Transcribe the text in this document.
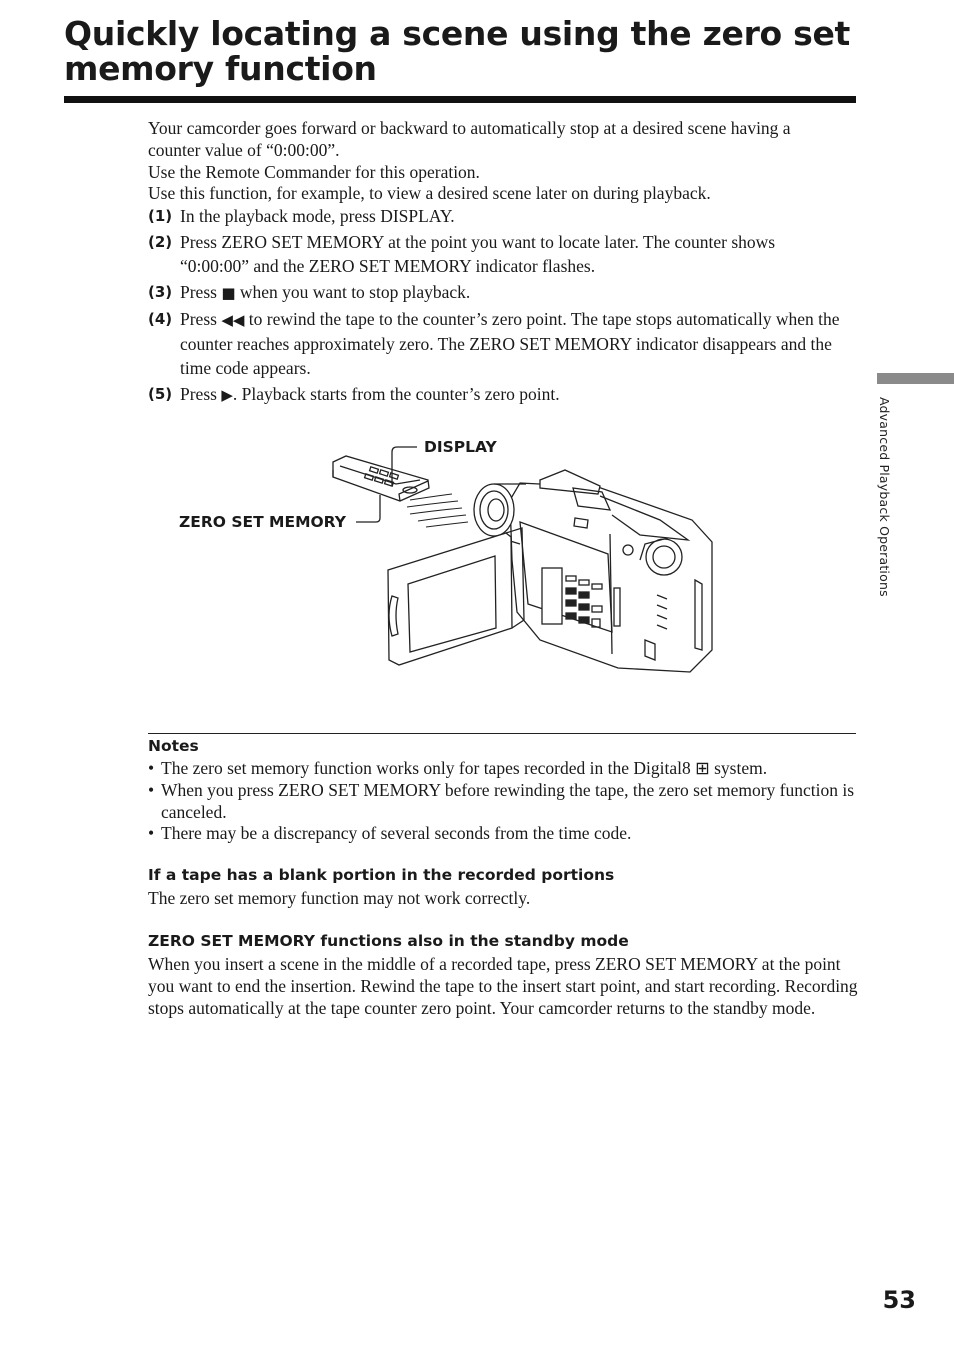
Quickly locating a scene using the zero set memory function

Your camcorder goes forward or backward to automatically stop at a desired scene having a counter value of “0:00:00”.

Use the Remote Commander for this operation.

Use this function, for example, to view a desired scene later on during playback.

(1) In the playback mode, press DISPLAY.
(2) Press ZERO SET MEMORY at the point you want to locate later. The counter shows “0:00:00” and the ZERO SET MEMORY indicator flashes.
(3) Press ■ when you want to stop playback.
(4) Press ◀◀ to rewind the tape to the counter’s zero point. The tape stops automatically when the counter reaches approximately zero. The ZERO SET MEMORY indicator disappears and the time code appears.
(5) Press ▶. Playback starts from the counter’s zero point.
DISPLAY
ZERO SET MEMORY
Notes
• The zero set memory function works only for tapes recorded in the Digital8 ⊞ system.
• When you press ZERO SET MEMORY before rewinding the tape, the zero set memory function is canceled.
• There may be a discrepancy of several seconds from the time code.
If a tape has a blank portion in the recorded portions

The zero set memory function may not work correctly.

ZERO SET MEMORY functions also in the standby mode

When you insert a scene in the middle of a recorded tape, press ZERO SET MEMORY at the point you want to end the insertion. Rewind the tape to the insert start point, and start recording. Recording stops automatically at the tape counter zero point. Your camcorder returns to the standby mode.

Advanced Playback Operations
53
